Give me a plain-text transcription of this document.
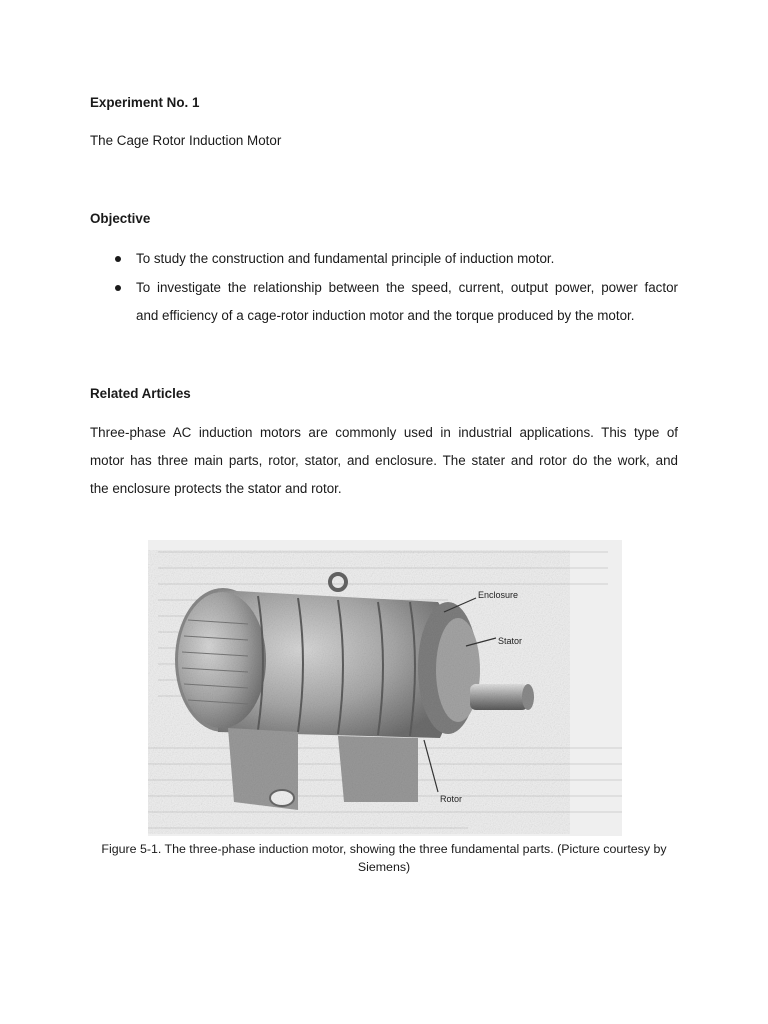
Experiment No. 1
The Cage Rotor Induction Motor
Objective
To study the construction and fundamental principle of induction motor.
To investigate the relationship between the speed, current, output power, power factor
and efficiency of a cage-rotor induction motor and the torque produced by the motor.
Related Articles
Three-phase AC induction motors are commonly used in industrial applications. This type of
motor has three main parts, rotor, stator, and enclosure. The stater and rotor do the work, and
the enclosure protects the stator and rotor.
Enclosure
Stator
Rotor
Figure 5-1. The three-phase induction motor, showing the three fundamental parts. (Picture courtesy by Siemens)
